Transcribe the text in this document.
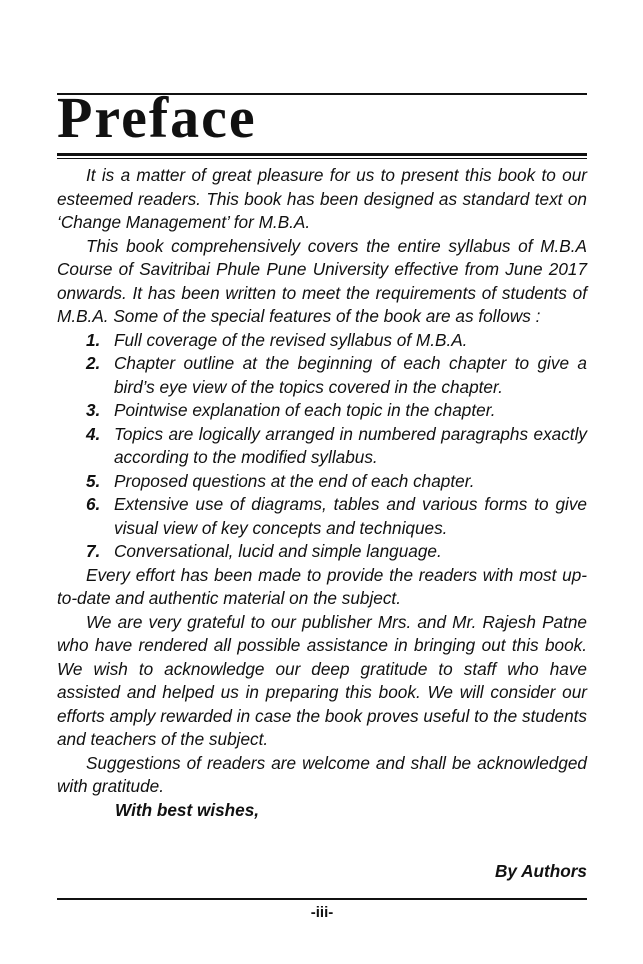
Preface

It is a matter of great pleasure for us to present this book to our esteemed readers. This book has been designed as standard text on ‘Change Management’ for M.B.A.

This book comprehensively covers the entire syllabus of M.B.A Course of Savitribai Phule Pune University effective from June 2017 onwards. It has been written to meet the requirements of students of M.B.A. Some of the special features of the book are as follows :

1. Full coverage of the revised syllabus of M.B.A.
2. Chapter outline at the beginning of each chapter to give a bird’s eye view of the topics covered in the chapter.
3. Pointwise explanation of each topic in the chapter.
4. Topics are logically arranged in numbered paragraphs exactly according to the modified syllabus.
5. Proposed questions at the end of each chapter.
6. Extensive use of diagrams, tables and various forms to give visual view of key concepts and techniques.
7. Conversational, lucid and simple language.

Every effort has been made to provide the readers with most up-to-date and authentic material on the subject.

We are very grateful to our publisher Mrs. and Mr. Rajesh Patne who have rendered all possible assistance in bringing out this book. We wish to acknowledge our deep gratitude to staff who have assisted and helped us in preparing this book. We will consider our efforts amply rewarded in case the book proves useful to the students and teachers of the subject.

Suggestions of readers are welcome and shall be acknowledged with gratitude.

With best wishes,

By Authors
-iii-
